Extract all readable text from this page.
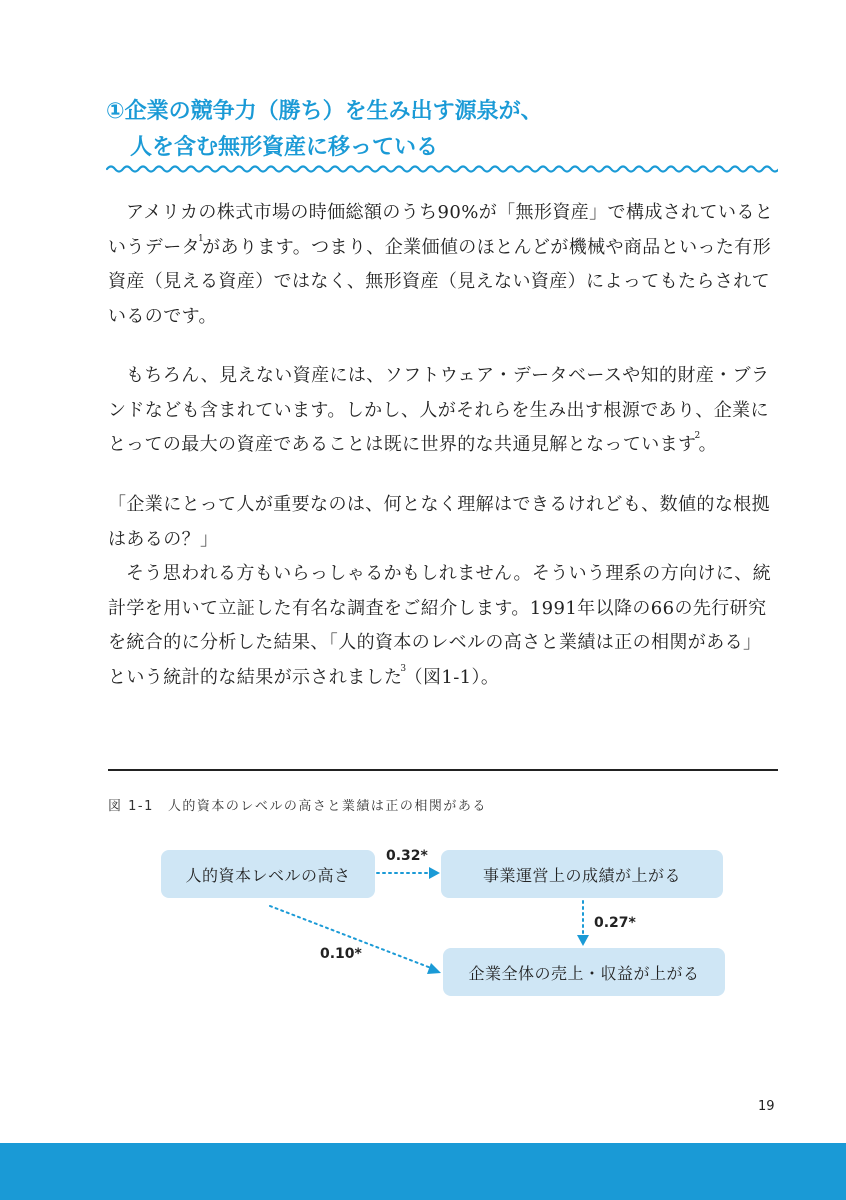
①企業の競争力（勝ち）を生み出す源泉が、
人を含む無形資産に移っている

アメリカの株式市場の時価総額のうち90%が「無形資産」で構成されているというデータ$^1$があります。つまり、企業価値のほとんどが機械や商品といった有形資産（見える資産）ではなく、無形資産（見えない資産）によってもたらされているのです。

もちろん、見えない資産には、ソフトウェア・データベースや知的財産・ブランドなども含まれています。しかし、人がそれらを生み出す根源であり、企業にとっての最大の資産であることは既に世界的な共通見解となっています$^2$。

「企業にとって人が重要なのは、何となく理解はできるけれども、数値的な根拠はあるの？」

そう思われる方もいらっしゃるかもしれません。そういう理系の方向けに、統計学を用いて立証した有名な調査をご紹介します。1991年以降の66の先行研究を統合的に分析した結果、「人的資本のレベルの高さと業績は正の相関がある」という統計的な結果が示されました$^3$（図1-1）。

図 1-1 人的資本のレベルの高さと業績は正の相関がある
人的資本レベルの高さ	事業運営上の成績が上がる
企業全体の売上・収益が上がる
0.32*
0.27*
0.10*
19
